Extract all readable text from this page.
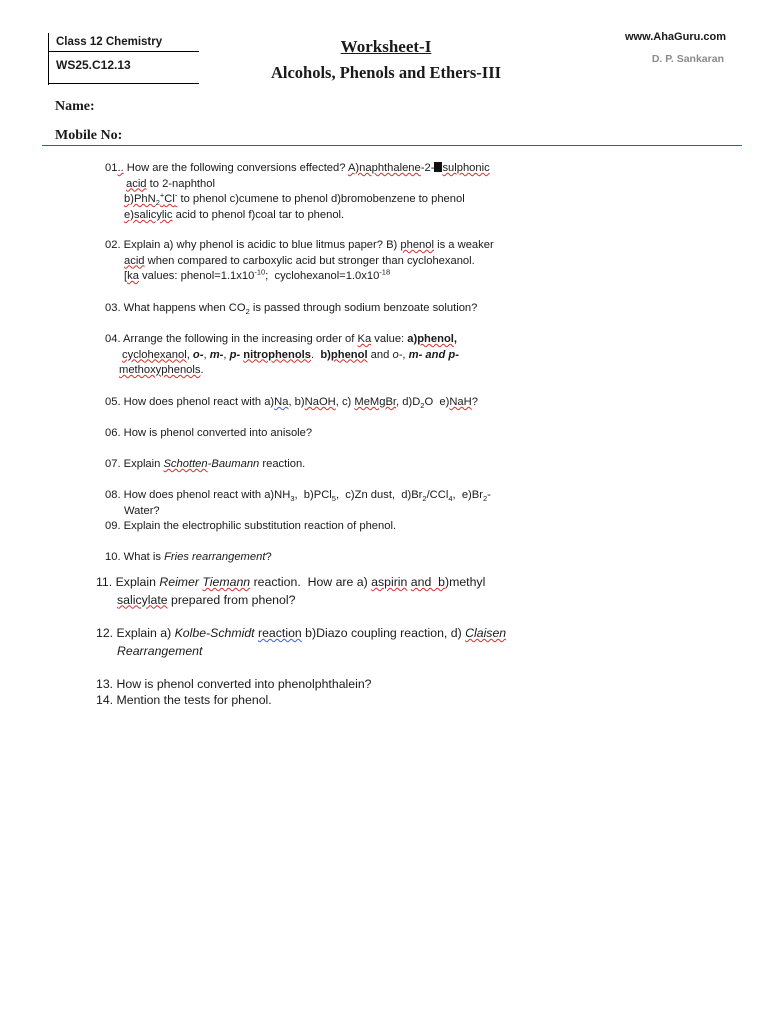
Class 12 Chemistry
WS25.C12.13
Worksheet-I
Alcohols, Phenols and Ethers-III
www.AhaGuru.com
D. P. Sankaran
Name:
Mobile No:
01.. How are the following conversions effected? A)naphthalene-2- sulphonic
acid to 2-naphthol
b)PhN$_2$+Cl- to phenol c)cumene to phenol d)bromobenzene to phenol
e)salicylic acid to phenol f)coal tar to phenol.
02. Explain a) why phenol is acidic to blue litmus paper? B) phenol is a weaker
acid when compared to carboxylic acid but stronger than cyclohexanol.
[ka values: $phenol=1.1x10^{-10}$;  $cyclohexanol=1.0x10^{-18}$
03. What happens when $CO_2$ is passed through sodium benzoate solution?
04. Arrange the following in the increasing order of Ka value: a)phenol,
cyclohexanol, o-, m-, p- nitrophenols.  b)phenol and o-, m- and p-
methoxyphenols.
05. How does phenol react with a)Na, b)NaOH, c) MeMgBr, $d)D_2O$  e)NaH?
06. How is phenol converted into anisole?
07. Explain Schotten-Baumann reaction.
08. How does phenol react with $a)NH_3$,  b)PCl$_5$,  c)Zn dust,  $d)Br_2/CCl_4$,  $e)Br_2-$
Water?
09. Explain the electrophilic substitution reaction of phenol.
10. What is Fries rearrangement?
11. Explain Reimer Tiemann reaction.  How are a) aspirin and  b)methyl
salicylate prepared from phenol?
12. Explain a) Kolbe-Schmidt reaction b)Diazo coupling reaction, d) Claisen
Rearrangement
13. How is phenol converted into phenolphthalein?
14. Mention the tests for phenol.
